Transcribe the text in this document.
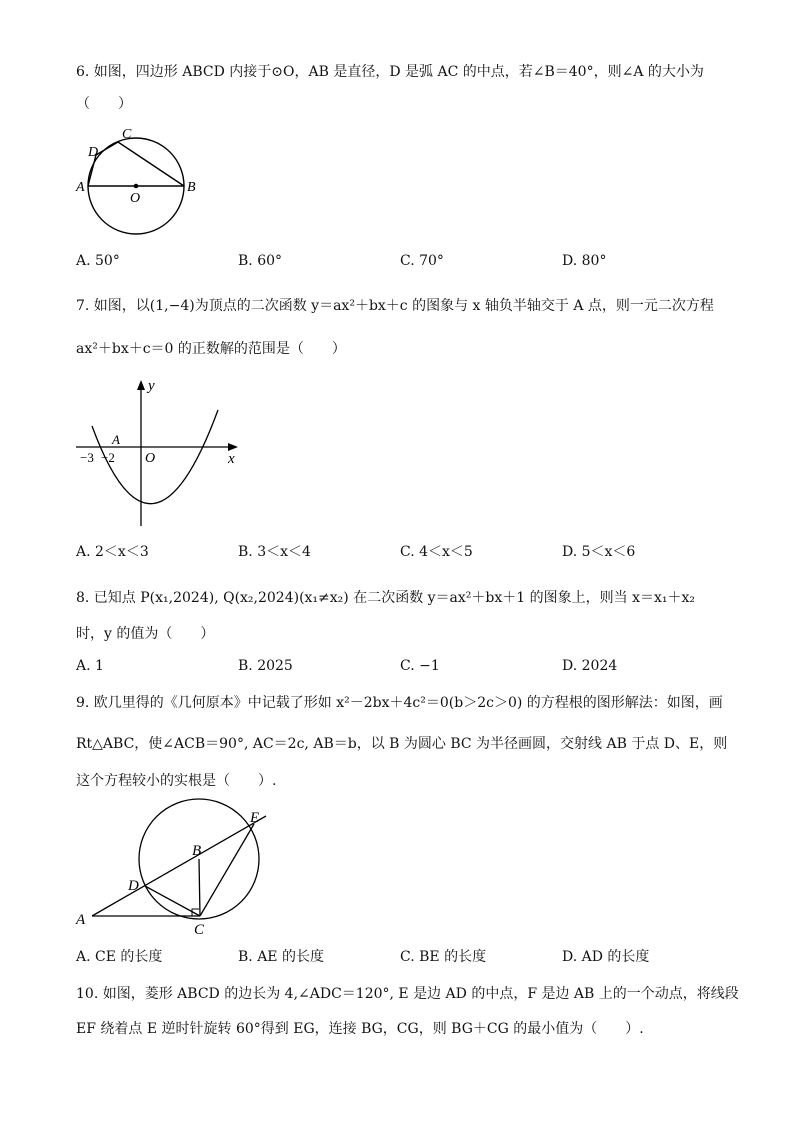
6. 如图，四边形 ABCD 内接于⊙O，AB 是直径，D 是弧 AC 的中点，若∠B＝40°，则∠A 的大小为
（　　）
A	B
C
D
O
A. 50°	B. 60°	C. 70°	D. 80°
7. 如图，以(1,−4)为顶点的二次函数 y＝ax²＋bx＋c 的图象与 x 轴负半轴交于 A 点，则一元二次方程
ax²＋bx＋c＝0 的正数解的范围是（　　）
y
x
O
A
−3 −2
A. 2＜x＜3	B. 3＜x＜4	C. 4＜x＜5	D. 5＜x＜6
8. 已知点 P(x₁,2024), Q(x₂,2024)(x₁≠x₂) 在二次函数 y＝ax²＋bx＋1 的图象上，则当 x＝x₁＋x₂
时，y 的值为（　　）
A. 1	B. 2025	C. −1	D. 2024
9. 欧几里得的《几何原本》中记载了形如 x²－2bx＋4c²＝0(b＞2c＞0) 的方程根的图形解法：如图，画
Rt△ABC，使∠ACB＝90°, AC＝2c, AB＝b，以 B 为圆心 BC 为半径画圆，交射线 AB 于点 D、E，则
这个方程较小的实根是（　　）.
A
B
C
D
E
A. CE 的长度	B. AE 的长度	C. BE 的长度	D. AD 的长度
10. 如图，菱形 ABCD 的边长为 4,∠ADC＝120°, E 是边 AD 的中点，F 是边 AB 上的一个动点，将线段
EF 绕着点 E 逆时针旋转 60°得到 EG，连接 BG，CG，则 BG＋CG 的最小值为（　　）.
